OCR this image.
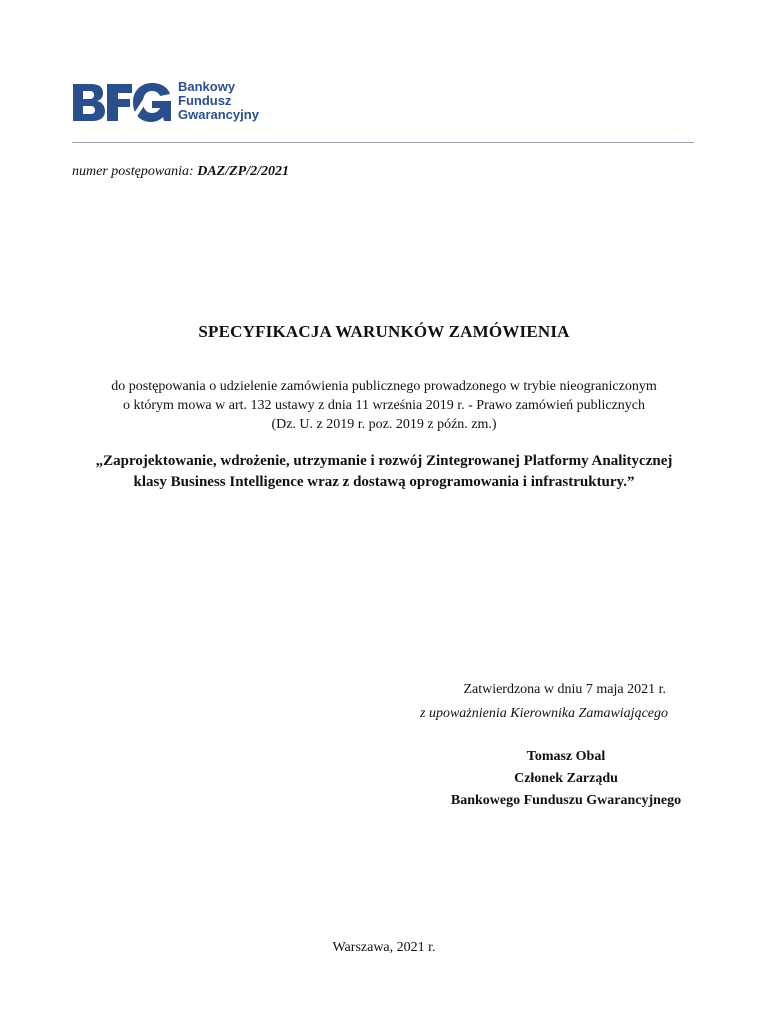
Bankowy
Fundusz
Gwarancyjny
numer postępowania: DAZ/ZP/2/2021
SPECYFIKACJA WARUNKÓW ZAMÓWIENIA
do postępowania o udzielenie zamówienia publicznego prowadzonego w trybie nieograniczonym
o którym mowa w art. 132 ustawy z dnia 11 września 2019 r. - Prawo zamówień publicznych
(Dz. U. z 2019 r. poz. 2019 z późn. zm.)
„Zaprojektowanie, wdrożenie, utrzymanie i rozwój Zintegrowanej Platformy Analitycznej
klasy Business Intelligence wraz z dostawą oprogramowania i infrastruktury.”
Zatwierdzona w dniu 7 maja 2021 r.
z upoważnienia Kierownika Zamawiającego
Tomasz Obal
Członek Zarządu
Bankowego Funduszu Gwarancyjnego
Warszawa, 2021 r.
